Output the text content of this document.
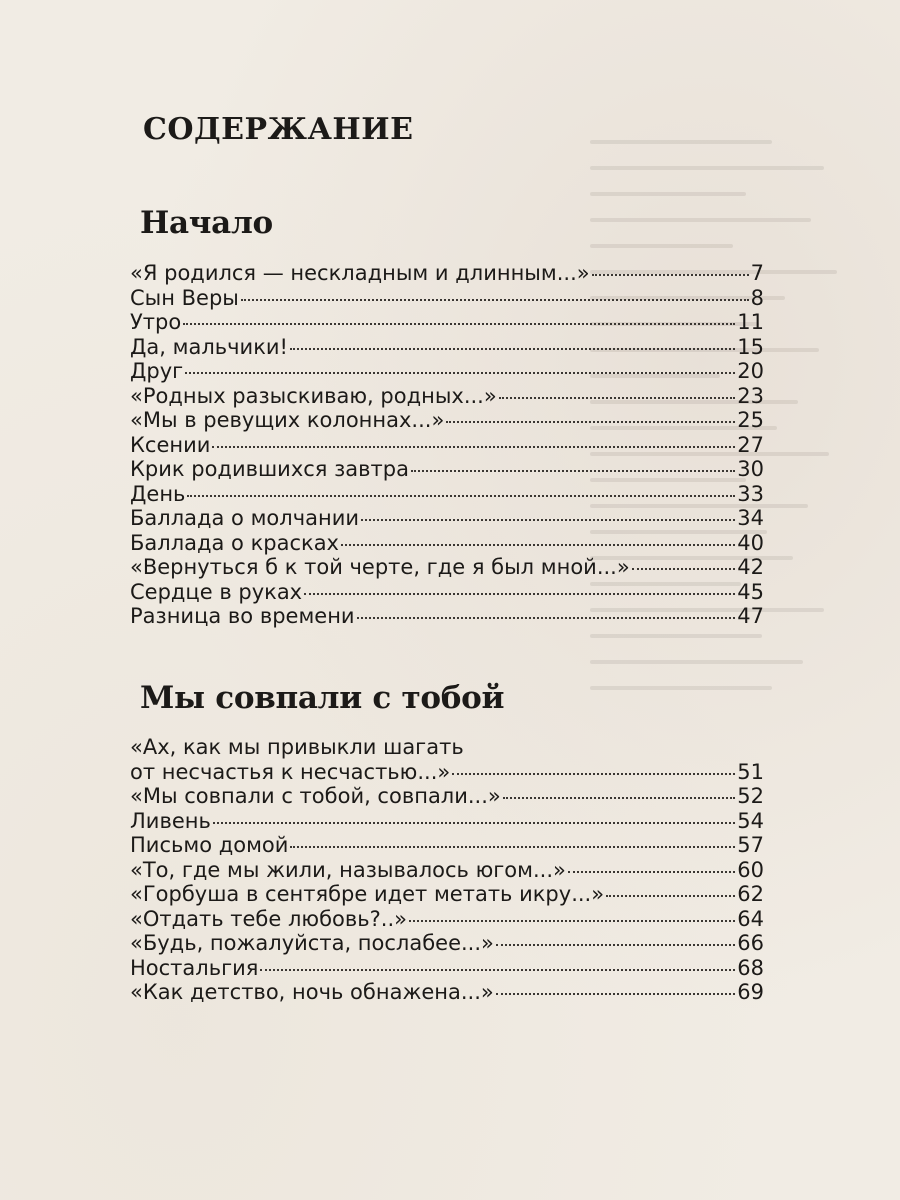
СОДЕРЖАНИЕ
Начало
«Я родился — нескладным и длинным...»	7
Сын Веры	8
Утро	11
Да, мальчики!	15
Друг	20
«Родных разыскиваю, родных...»	23
«Мы в ревущих колоннах...»	25
Ксении	27
Крик родившихся завтра	30
День	33
Баллада о молчании	34
Баллада о красках	40
«Вернуться б к той черте, где я был мной...»	42
Сердце в руках	45
Разница во времени	47
Мы совпали с тобой
«Ах, как мы привыкли шагать
от несчастья к несчастью...»	51
«Мы совпали с тобой, совпали...»	52
Ливень	54
Письмо домой	57
«То, где мы жили, называлось югом...»	60
«Горбуша в сентябре идет метать икру...»	62
«Отдать тебе любовь?..»	64
«Будь, пожалуйста, послабее...»	66
Ностальгия	68
«Как детство, ночь обнажена...»	69
